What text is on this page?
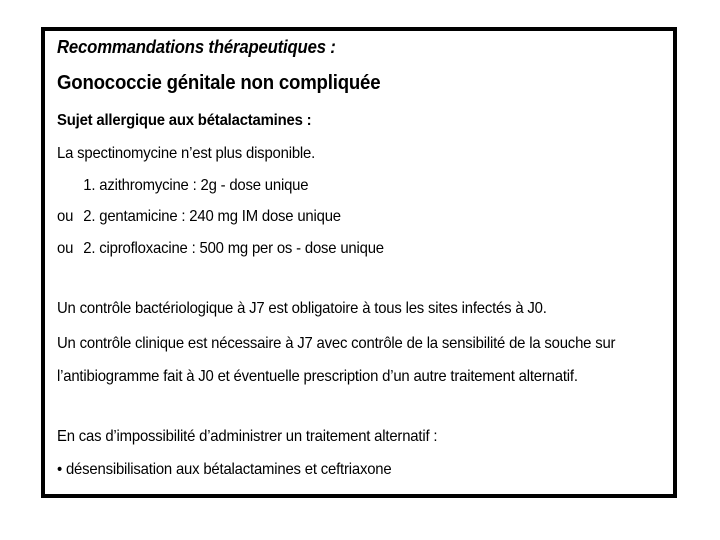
Recommandations thérapeutiques :
Gonococcie génitale non compliquée
Sujet allergique aux bétalactamines :
La spectinomycine n’est plus disponible.
1. azithromycine : 2g - dose unique
ou 2. gentamicine : 240 mg IM dose unique
ou 2. ciprofloxacine : 500 mg per os - dose unique
Un contrôle bactériologique à J7 est obligatoire à tous les sites infectés à J0.
Un contrôle clinique est nécessaire à J7 avec contrôle de la sensibilité de la souche sur
l’antibiogramme fait à J0 et éventuelle prescription d’un autre traitement alternatif.
En cas d’impossibilité d’administrer un traitement alternatif :
• désensibilisation aux bétalactamines et ceftriaxone
